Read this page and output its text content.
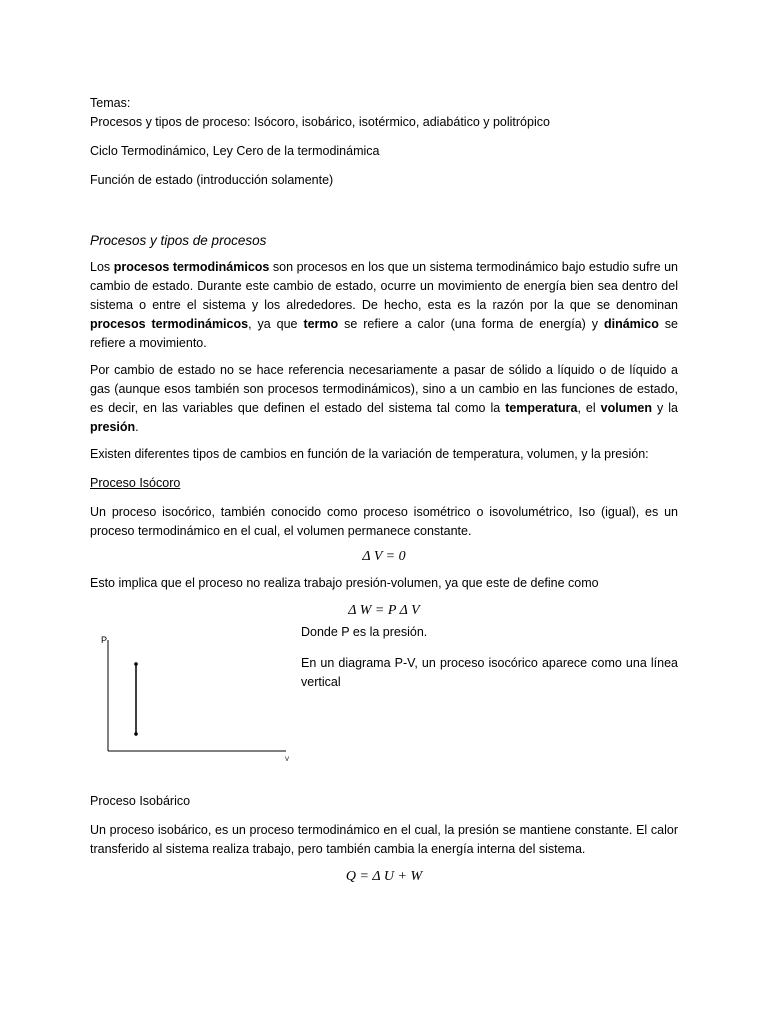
Temas:

Procesos y tipos de proceso: Isócoro, isobárico, isotérmico, adiabático y politrópico

Ciclo Termodinámico, Ley Cero de la termodinámica

Función de estado (introducción solamente)

Procesos y tipos de procesos

Los procesos termodinámicos son procesos en los que un sistema termodinámico bajo estudio sufre un cambio de estado. Durante este cambio de estado, ocurre un movimiento de energía bien sea dentro del sistema o entre el sistema y los alrededores. De hecho, esta es la razón por la que se denominan procesos termodinámicos, ya que termo se refiere a calor (una forma de energía) y dinámico se refiere a movimiento.

Por cambio de estado no se hace referencia necesariamente a pasar de sólido a líquido o de líquido a gas (aunque esos también son procesos termodinámicos), sino a un cambio en las funciones de estado, es decir, en las variables que definen el estado del sistema tal como la temperatura, el volumen y la presión.

Existen diferentes tipos de cambios en función de la variación de temperatura, volumen, y la presión:

Proceso Isócoro

Un proceso isocórico, también conocido como proceso isométrico o isovolumétrico, Iso (igual), es un proceso termodinámico en el cual, el volumen permanece constante.

Δ V = 0

Esto implica que el proceso no realiza trabajo presión-volumen, ya que este de define como

Δ W = P Δ V

Donde P es la presión.

En un diagrama P-V, un proceso isocórico aparece como una línea vertical

Proceso Isobárico

Un proceso isobárico, es un proceso termodinámico en el cual, la presión se mantiene constante. El calor transferido al sistema realiza trabajo, pero también cambia la energía interna del sistema.

Q = Δ U + W

P
V
